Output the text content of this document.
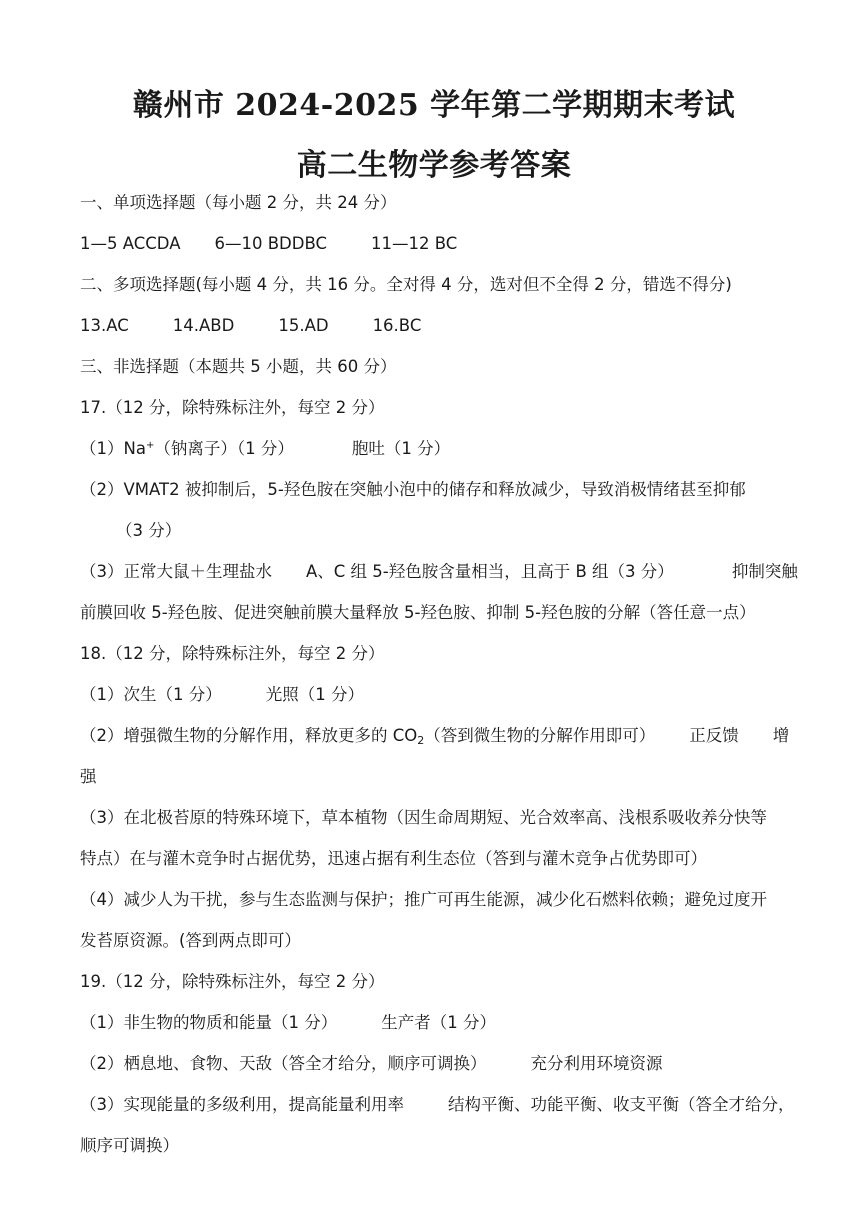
赣州市 2024-2025 学年第二学期期末考试
高二生物学参考答案
一、单项选择题（每小题 2 分，共 24 分）
1—5 ACCDA 6—10 BDDBC	11—12 BC
二、多项选择题(每小题 4 分，共 16 分。全对得 4 分，选对但不全得 2 分，错选不得分)
13.AC	14.ABD	15.AD	16.BC
三、非选择题（本题共 5 小题，共 60 分）
17.（12 分，除特殊标注外，每空 2 分）
（1）Na+（钠离子）（1 分）	胞吐（1 分）
（2）VMAT2 被抑制后，5-羟色胺在突触小泡中的储存和释放减少，导致消极情绪甚至抑郁
（3 分）
（3）正常大鼠＋生理盐水 A、C 组 5-羟色胺含量相当，且高于 B 组（3 分）	抑制突触
前膜回收 5-羟色胺、促进突触前膜大量释放 5-羟色胺、抑制 5-羟色胺的分解（答任意一点）
18.（12 分，除特殊标注外，每空 2 分）
（1）次生（1 分）	光照（1 分）
（2）增强微生物的分解作用，释放更多的 $CO_2$（答到微生物的分解作用即可） 正反馈 增
强
（3）在北极苔原的特殊环境下，草本植物（因生命周期短、光合效率高、浅根系吸收养分快等
特点）在与灌木竞争时占据优势，迅速占据有利生态位（答到与灌木竞争占优势即可）
（4）减少人为干扰，参与生态监测与保护；推广可再生能源，减少化石燃料依赖；避免过度开
发苔原资源。(答到两点即可）
19.（12 分，除特殊标注外，每空 2 分）
（1）非生物的物质和能量（1 分）	生产者（1 分）
（2）栖息地、食物、天敌（答全才给分，顺序可调换）	充分利用环境资源
（3）实现能量的多级利用，提高能量利用率	结构平衡、功能平衡、收支平衡（答全才给分，
顺序可调换）
